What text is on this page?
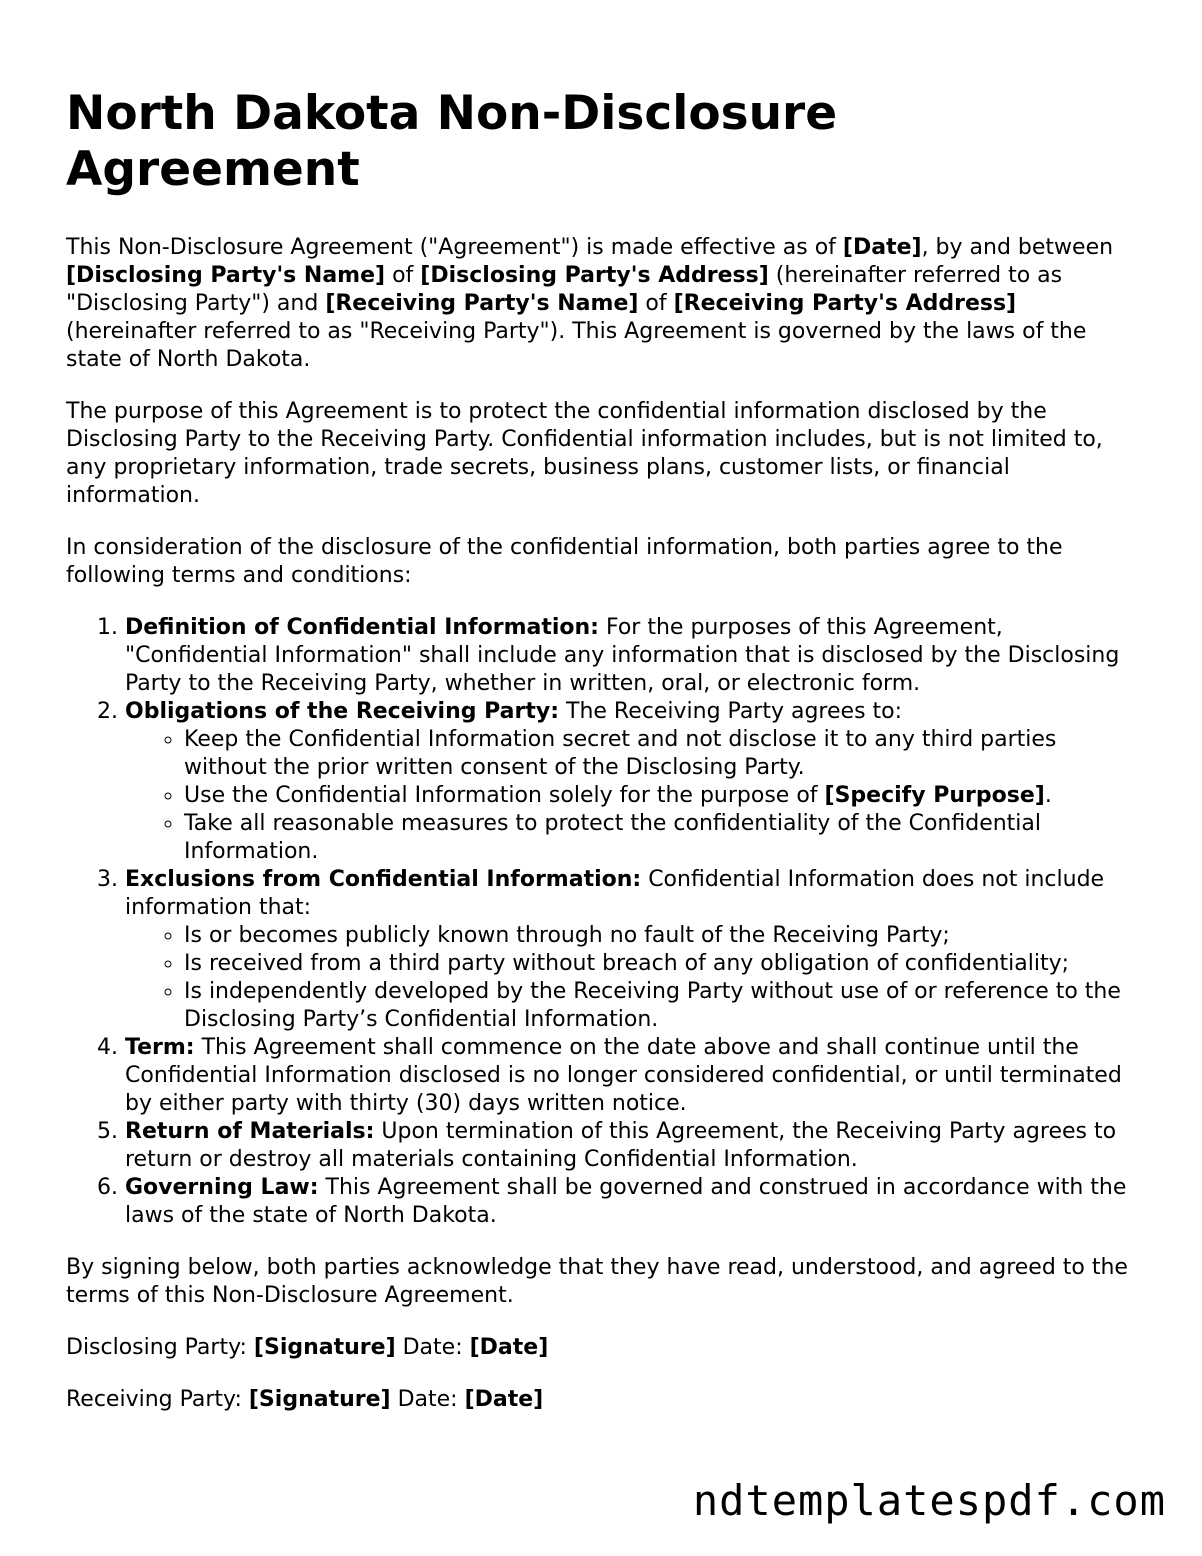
North Dakota Non-Disclosure Agreement

This Non-Disclosure Agreement ("Agreement") is made effective as of [Date], by and between [Disclosing Party's Name] of [Disclosing Party's Address] (hereinafter referred to as "Disclosing Party") and [Receiving Party's Name] of [Receiving Party's Address] (hereinafter referred to as "Receiving Party"). This Agreement is governed by the laws of the state of North Dakota.

The purpose of this Agreement is to protect the confidential information disclosed by the Disclosing Party to the Receiving Party. Confidential information includes, but is not limited to, any proprietary information, trade secrets, business plans, customer lists, or financial information.

In consideration of the disclosure of the confidential information, both parties agree to the following terms and conditions:

1. Definition of Confidential Information: For the purposes of this Agreement, "Confidential Information" shall include any information that is disclosed by the Disclosing Party to the Receiving Party, whether in written, oral, or electronic form.
2. Obligations of the Receiving Party: The Receiving Party agrees to:
◦ Keep the Confidential Information secret and not disclose it to any third parties without the prior written consent of the Disclosing Party.
◦ Use the Confidential Information solely for the purpose of [Specify Purpose].
◦ Take all reasonable measures to protect the confidentiality of the Confidential Information.
3. Exclusions from Confidential Information: Confidential Information does not include information that:
◦ Is or becomes publicly known through no fault of the Receiving Party;
◦ Is received from a third party without breach of any obligation of confidentiality;
◦ Is independently developed by the Receiving Party without use of or reference to the Disclosing Party’s Confidential Information.
4. Term: This Agreement shall commence on the date above and shall continue until the Confidential Information disclosed is no longer considered confidential, or until terminated by either party with thirty (30) days written notice.
5. Return of Materials: Upon termination of this Agreement, the Receiving Party agrees to return or destroy all materials containing Confidential Information.
6. Governing Law: This Agreement shall be governed and construed in accordance with the laws of the state of North Dakota.

By signing below, both parties acknowledge that they have read, understood, and agreed to the terms of this Non-Disclosure Agreement.

Disclosing Party: [Signature] Date: [Date]

Receiving Party: [Signature] Date: [Date]

ndtemplatespdf.com
